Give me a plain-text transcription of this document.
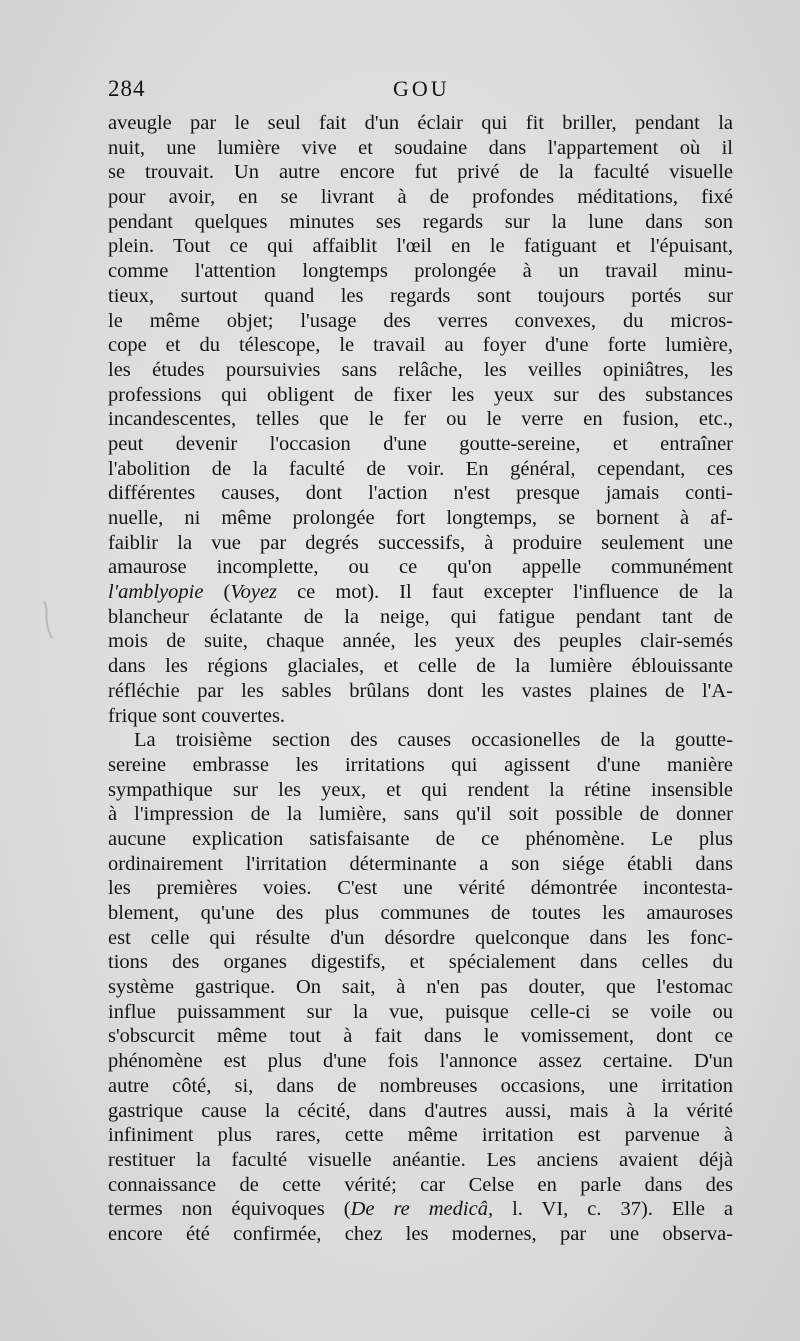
284	GOU
aveugle par le seul fait d'un éclair qui fit briller, pendant la
nuit, une lumière vive et soudaine dans l'appartement où il
se trouvait. Un autre encore fut privé de la faculté visuelle
pour avoir, en se livrant à de profondes méditations, fixé
pendant quelques minutes ses regards sur la lune dans son
plein. Tout ce qui affaiblit l'œil en le fatiguant et l'épuisant,
comme l'attention longtemps prolongée à un travail minu-
tieux, surtout quand les regards sont toujours portés sur
le même objet; l'usage des verres convexes, du micros-
cope et du télescope, le travail au foyer d'une forte lumière,
les études poursuivies sans relâche, les veilles opiniâtres, les
professions qui obligent de fixer les yeux sur des substances
incandescentes, telles que le fer ou le verre en fusion, etc.,
peut devenir l'occasion d'une goutte-sereine, et entraîner
l'abolition de la faculté de voir. En général, cependant, ces
différentes causes, dont l'action n'est presque jamais conti-
nuelle, ni même prolongée fort longtemps, se bornent à af-
faiblir la vue par degrés successifs, à produire seulement une
amaurose incomplette, ou ce qu'on appelle communément
l'amblyopie (Voyez ce mot). Il faut excepter l'influence de la
blancheur éclatante de la neige, qui fatigue pendant tant de
mois de suite, chaque année, les yeux des peuples clair-semés
dans les régions glaciales, et celle de la lumière éblouissante
réfléchie par les sables brûlans dont les vastes plaines de l'A-
frique sont couvertes.
La troisième section des causes occasionelles de la goutte-
sereine embrasse les irritations qui agissent d'une manière
sympathique sur les yeux, et qui rendent la rétine insensible
à l'impression de la lumière, sans qu'il soit possible de donner
aucune explication satisfaisante de ce phénomène. Le plus
ordinairement l'irritation déterminante a son siége établi dans
les premières voies. C'est une vérité démontrée incontesta-
blement, qu'une des plus communes de toutes les amauroses
est celle qui résulte d'un désordre quelconque dans les fonc-
tions des organes digestifs, et spécialement dans celles du
système gastrique. On sait, à n'en pas douter, que l'estomac
influe puissamment sur la vue, puisque celle-ci se voile ou
s'obscurcit même tout à fait dans le vomissement, dont ce
phénomène est plus d'une fois l'annonce assez certaine. D'un
autre côté, si, dans de nombreuses occasions, une irritation
gastrique cause la cécité, dans d'autres aussi, mais à la vérité
infiniment plus rares, cette même irritation est parvenue à
restituer la faculté visuelle anéantie. Les anciens avaient déjà
connaissance de cette vérité; car Celse en parle dans des
termes non équivoques (De re medicâ, l. VI, c. 37). Elle a
encore été confirmée, chez les modernes, par une observa-
